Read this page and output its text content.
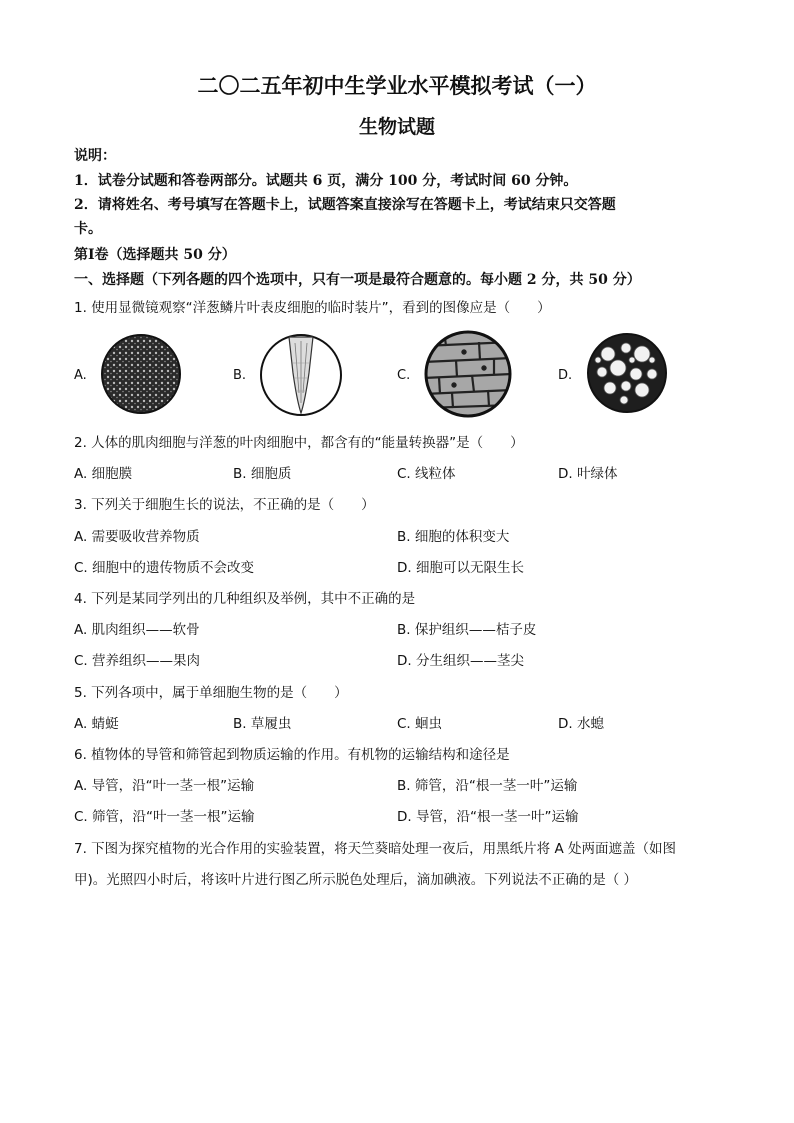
二〇二五年初中生学业水平模拟考试（一）
生物试题
说明：
1．试卷分试题和答卷两部分。试题共 6 页，满分 100 分，考试时间 60 分钟。
2．请将姓名、考号填写在答题卡上，试题答案直接涂写在答题卡上，考试结束只交答题
卡。
第Ⅰ卷（选择题共 50 分）
一、选择题（下列各题的四个选项中，只有一项是最符合题意的。每小题 2 分，共 50 分）
1. 使用显微镜观察“洋葱鳞片叶表皮细胞的临时装片”，看到的图像应是（　　）
A.	B.	C.	D.
2. 人体的肌肉细胞与洋葱的叶肉细胞中，都含有的“能量转换器”是（　　）
A. 细胞膜	B. 细胞质	C. 线粒体	D. 叶绿体
3. 下列关于细胞生长的说法，不正确的是（　　）
A. 需要吸收营养物质	B. 细胞的体积变大
C. 细胞中的遗传物质不会改变	D. 细胞可以无限生长
4. 下列是某同学列出的几种组织及举例，其中不正确的是
A. 肌肉组织——软骨	B. 保护组织——桔子皮
C. 营养组织——果肉	D. 分生组织——茎尖
5. 下列各项中，属于单细胞生物的是（　　）
A. 蜻蜓	B. 草履虫	C. 蛔虫	D. 水螅
6. 植物体的导管和筛管起到物质运输的作用。有机物的运输结构和途径是
A. 导管，沿“叶一茎一根”运输	B. 筛管，沿“根一茎一叶”运输
C. 筛管，沿“叶一茎一根”运输	D. 导管，沿“根一茎一叶”运输
7. 下图为探究植物的光合作用的实验装置，将天竺葵暗处理一夜后，用黑纸片将 A 处两面遮盖（如图
甲)。光照四小时后，将该叶片进行图乙所示脱色处理后，滴加碘液。下列说法不正确的是（ ）
